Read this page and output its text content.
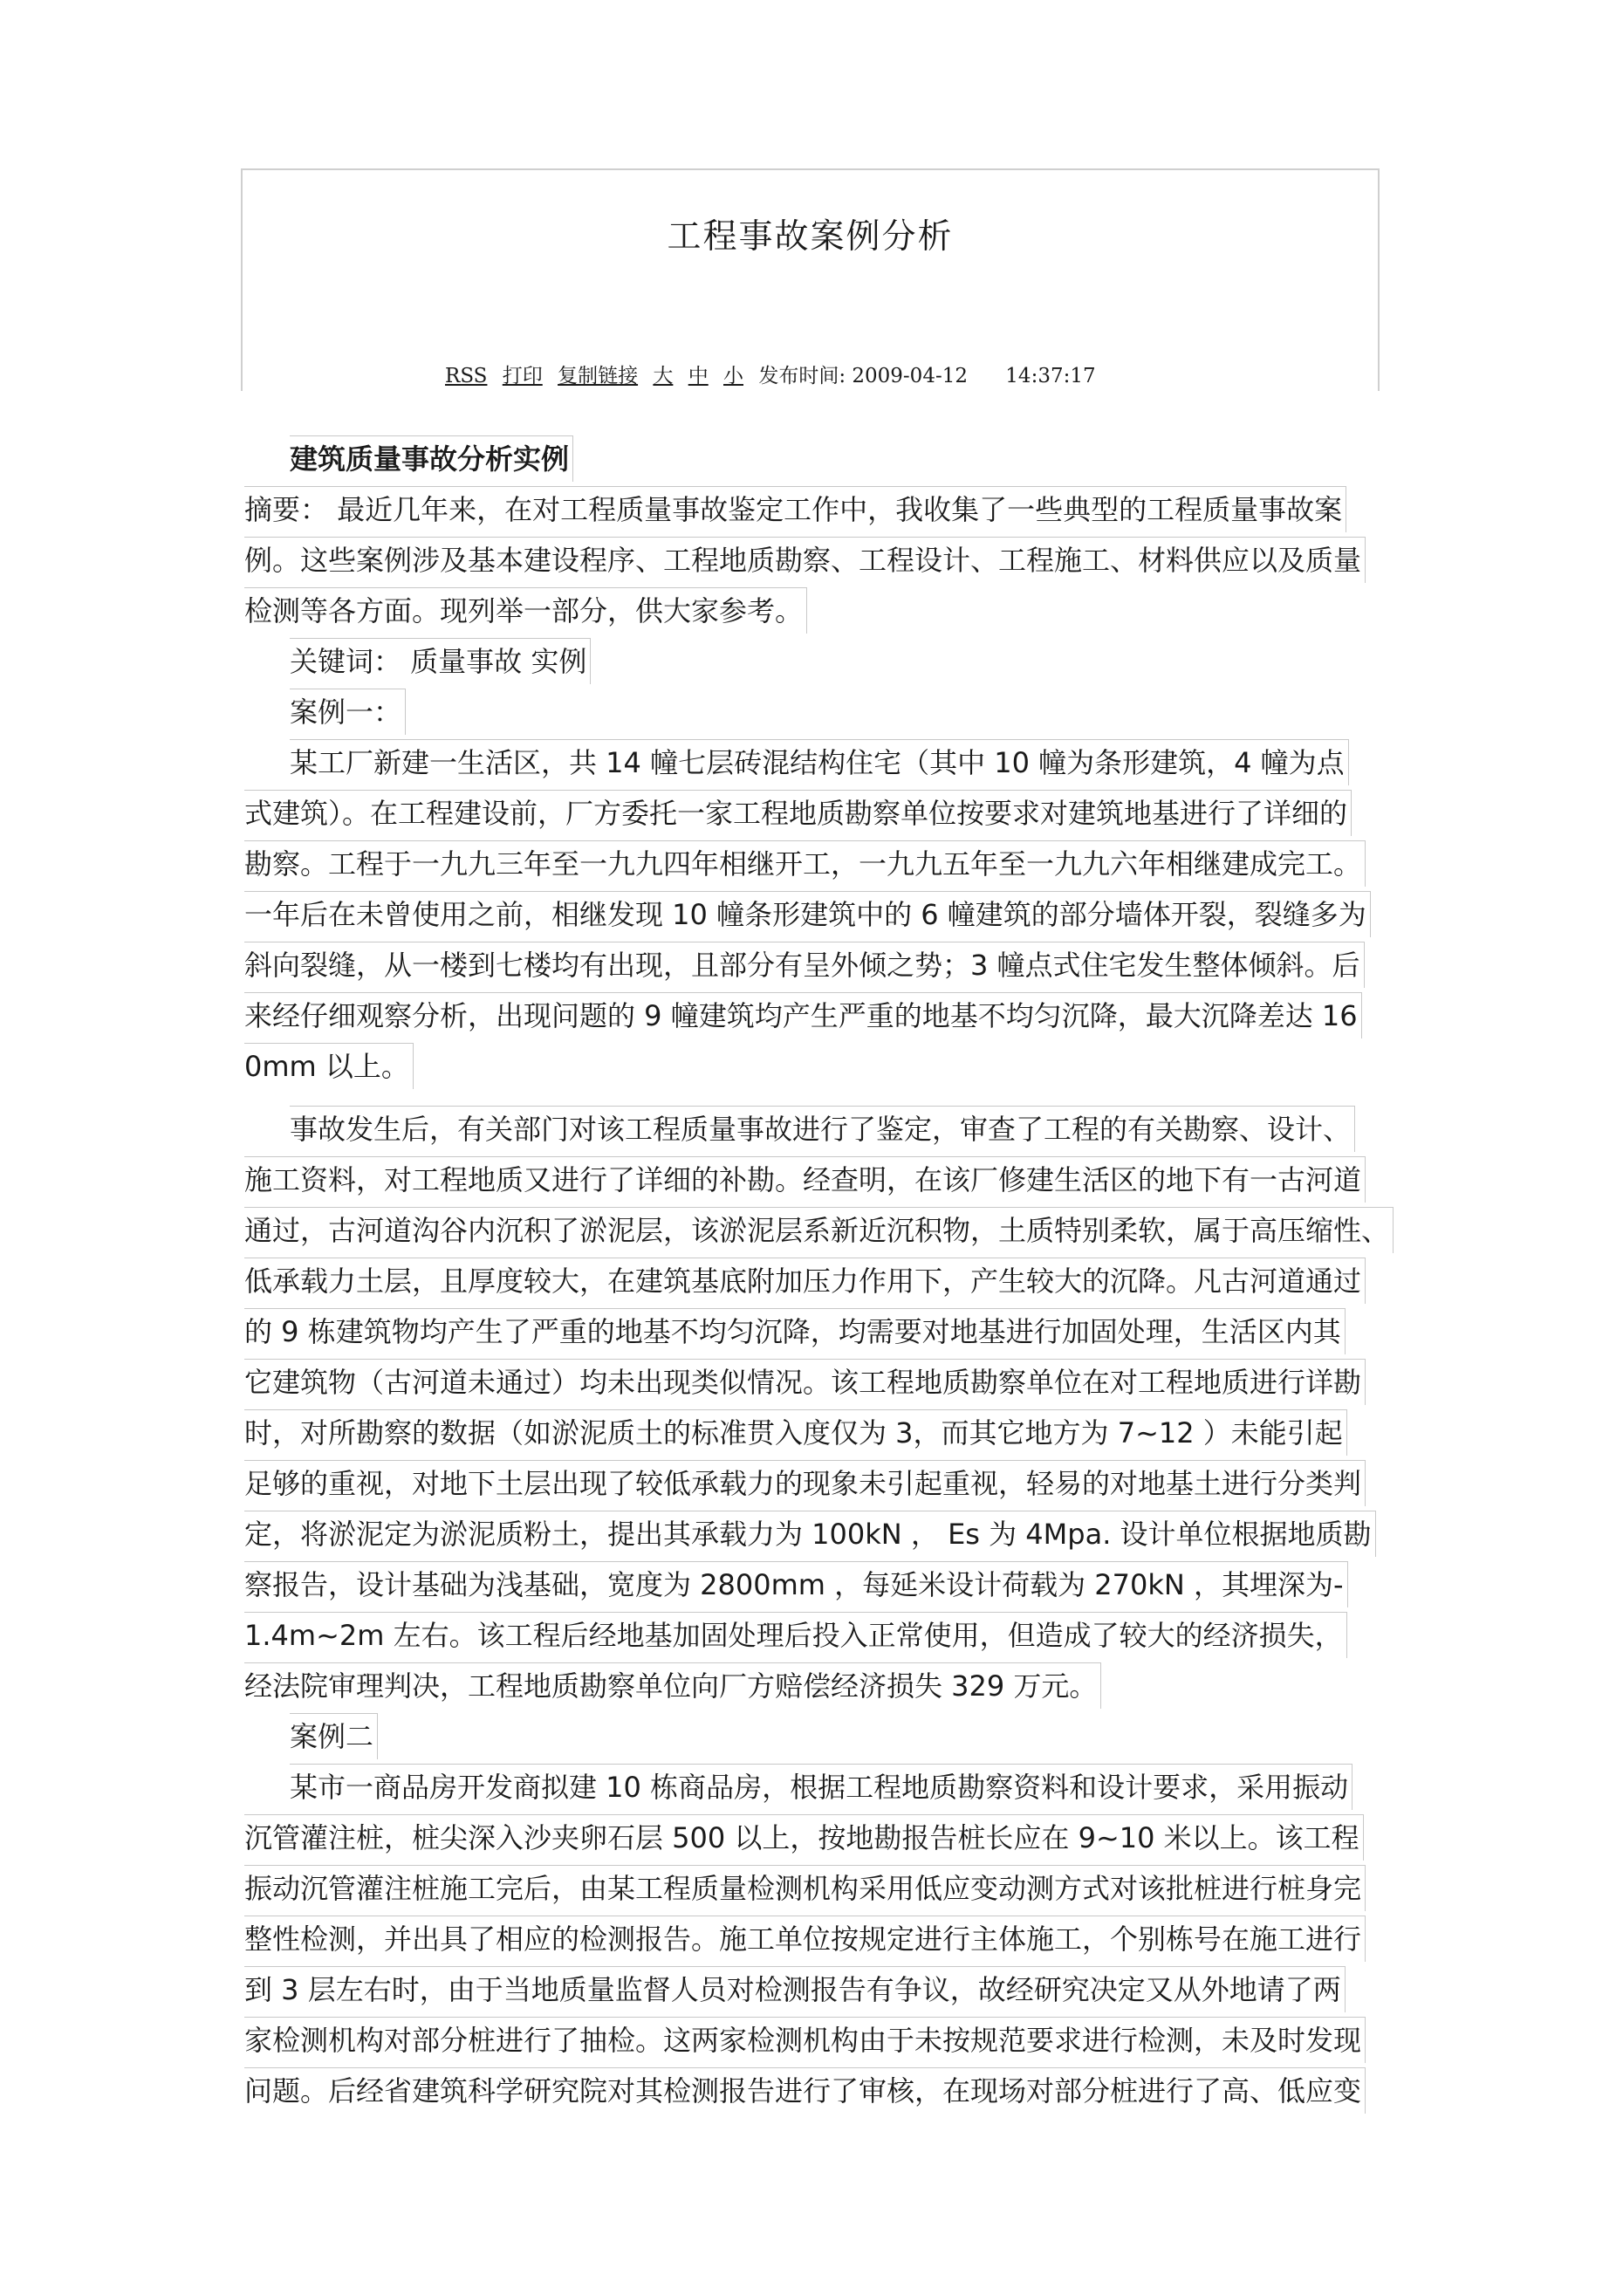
工程事故案例分析
RSS 打印 复制链接 大 中 小 发布时间: 2009-04-12 14:37:17
建筑质量事故分析实例
摘要： 最近几年来，在对工程质量事故鉴定工作中，我收集了一些典型的工程质量事故案
例。这些案例涉及基本建设程序、工程地质勘察、工程设计、工程施工、材料供应以及质量
检测等各方面。现列举一部分，供大家参考。
关键词： 质量事故 实例
案例一：
某工厂新建一生活区，共 14 幢七层砖混结构住宅（其中 10 幢为条形建筑，4 幢为点
式建筑）。在工程建设前，厂方委托一家工程地质勘察单位按要求对建筑地基进行了详细的
勘察。工程于一九九三年至一九九四年相继开工，一九九五年至一九九六年相继建成完工。
一年后在未曾使用之前，相继发现 10 幢条形建筑中的 6 幢建筑的部分墙体开裂，裂缝多为
斜向裂缝，从一楼到七楼均有出现，且部分有呈外倾之势；3 幢点式住宅发生整体倾斜。后
来经仔细观察分析，出现问题的 9 幢建筑均产生严重的地基不均匀沉降，最大沉降差达 16
0mm 以上。
事故发生后，有关部门对该工程质量事故进行了鉴定，审查了工程的有关勘察、设计、
施工资料，对工程地质又进行了详细的补勘。经查明，在该厂修建生活区的地下有一古河道
通过，古河道沟谷内沉积了淤泥层，该淤泥层系新近沉积物，土质特别柔软，属于高压缩性、
低承载力土层，且厚度较大，在建筑基底附加压力作用下，产生较大的沉降。凡古河道通过
的 9 栋建筑物均产生了严重的地基不均匀沉降，均需要对地基进行加固处理，生活区内其
它建筑物（古河道未通过）均未出现类似情况。该工程地质勘察单位在对工程地质进行详勘
时，对所勘察的数据（如淤泥质土的标准贯入度仅为 3，而其它地方为 7~12 ）未能引起
足够的重视，对地下土层出现了较低承载力的现象未引起重视，轻易的对地基土进行分类判
定，将淤泥定为淤泥质粉土，提出其承载力为 100kN ， Es 为 4Mpa. 设计单位根据地质勘
察报告，设计基础为浅基础，宽度为 2800mm ，每延米设计荷载为 270kN ，其埋深为-
1.4m~2m 左右。该工程后经地基加固处理后投入正常使用，但造成了较大的经济损失，
经法院审理判决，工程地质勘察单位向厂方赔偿经济损失 329 万元。
案例二
某市一商品房开发商拟建 10 栋商品房，根据工程地质勘察资料和设计要求，采用振动
沉管灌注桩，桩尖深入沙夹卵石层 500 以上，按地勘报告桩长应在 9~10 米以上。该工程
振动沉管灌注桩施工完后，由某工程质量检测机构采用低应变动测方式对该批桩进行桩身完
整性检测，并出具了相应的检测报告。施工单位按规定进行主体施工，个别栋号在施工进行
到 3 层左右时，由于当地质量监督人员对检测报告有争议，故经研究决定又从外地请了两
家检测机构对部分桩进行了抽检。这两家检测机构由于未按规范要求进行检测，未及时发现
问题。后经省建筑科学研究院对其检测报告进行了审核，在现场对部分桩进行了高、低应变
